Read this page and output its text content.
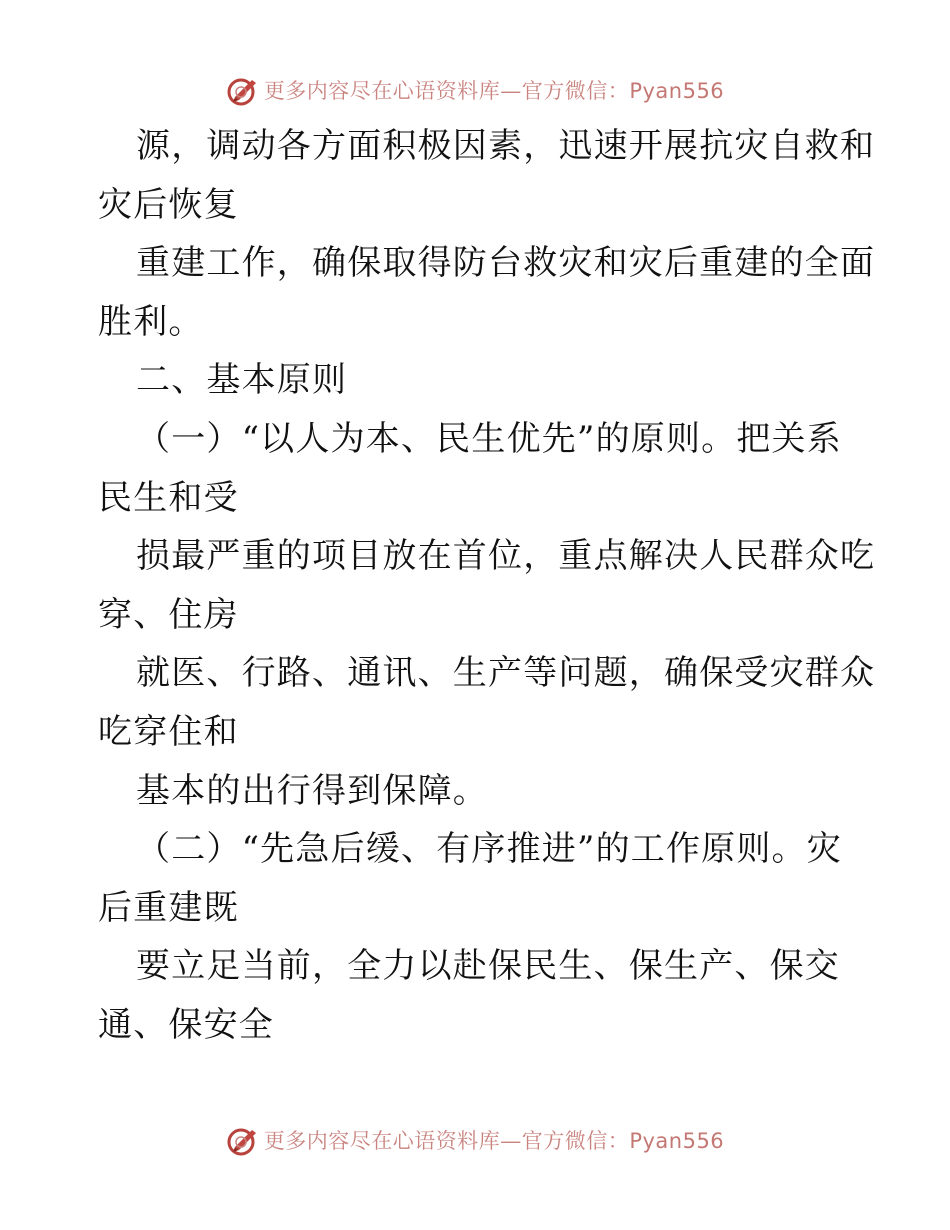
更多内容尽在心语资料库—官方微信：Pyan556
源，调动各方面积极因素，迅速开展抗灾自救和
灾后恢复
重建工作，确保取得防台救灾和灾后重建的全面
胜利。
二、基本原则
（一）“以人为本、民生优先”的原则。把关系
民生和受
损最严重的项目放在首位，重点解决人民群众吃
穿、住房
就医、行路、通讯、生产等问题，确保受灾群众
吃穿住和
基本的出行得到保障。
（二）“先急后缓、有序推进”的工作原则。灾
后重建既
要立足当前，全力以赴保民生、保生产、保交
通、保安全
更多内容尽在心语资料库—官方微信：Pyan556
